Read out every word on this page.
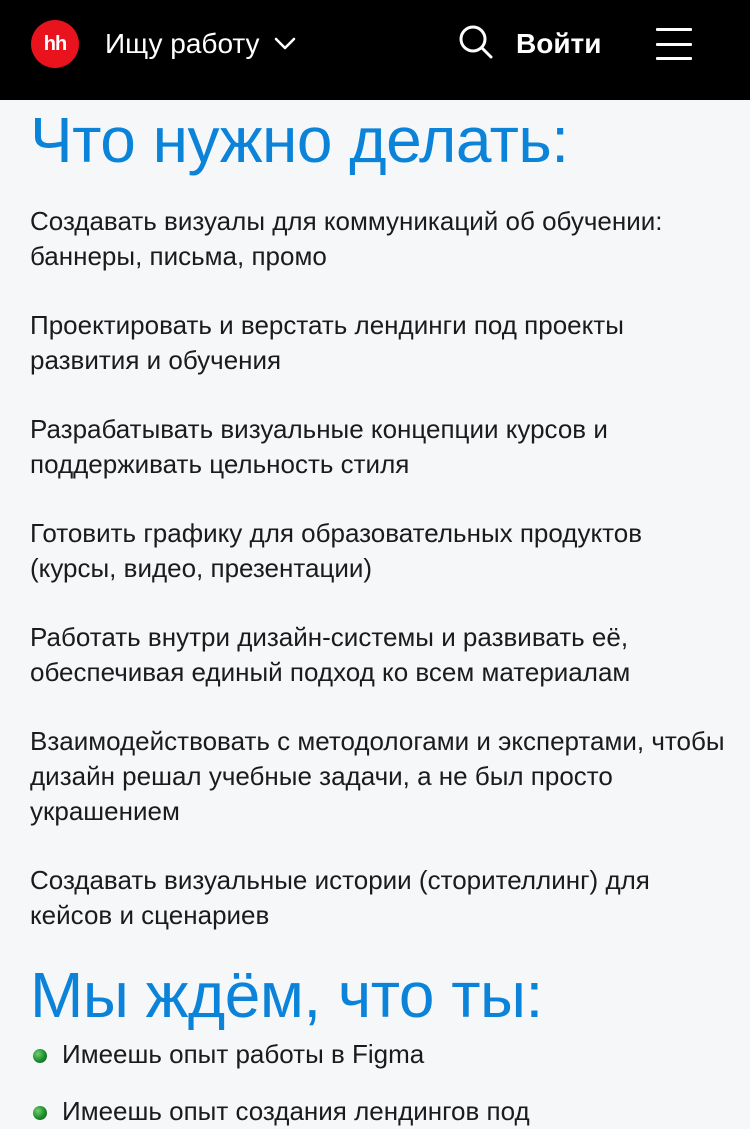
hh Ищу работу	Войти
Что нужно делать:
Создавать визуалы для коммуникаций об обучении: баннеры, письма, промо
Проектировать и верстать лендинги под проекты развития и обучения
Разрабатывать визуальные концепции курсов и поддерживать цельность стиля
Готовить графику для образовательных продуктов (курсы, видео, презентации)
Работать внутри дизайн-системы и развивать её, обеспечивая единый подход ко всем материалам
Взаимодействовать с методологами и экспертами, чтобы дизайн решал учебные задачи, а не был просто украшением
Создавать визуальные истории (сторителлинг) для кейсов и сценариев
Мы ждём, что ты:
Имеешь опыт работы в Figma
Имеешь опыт создания лендингов под
